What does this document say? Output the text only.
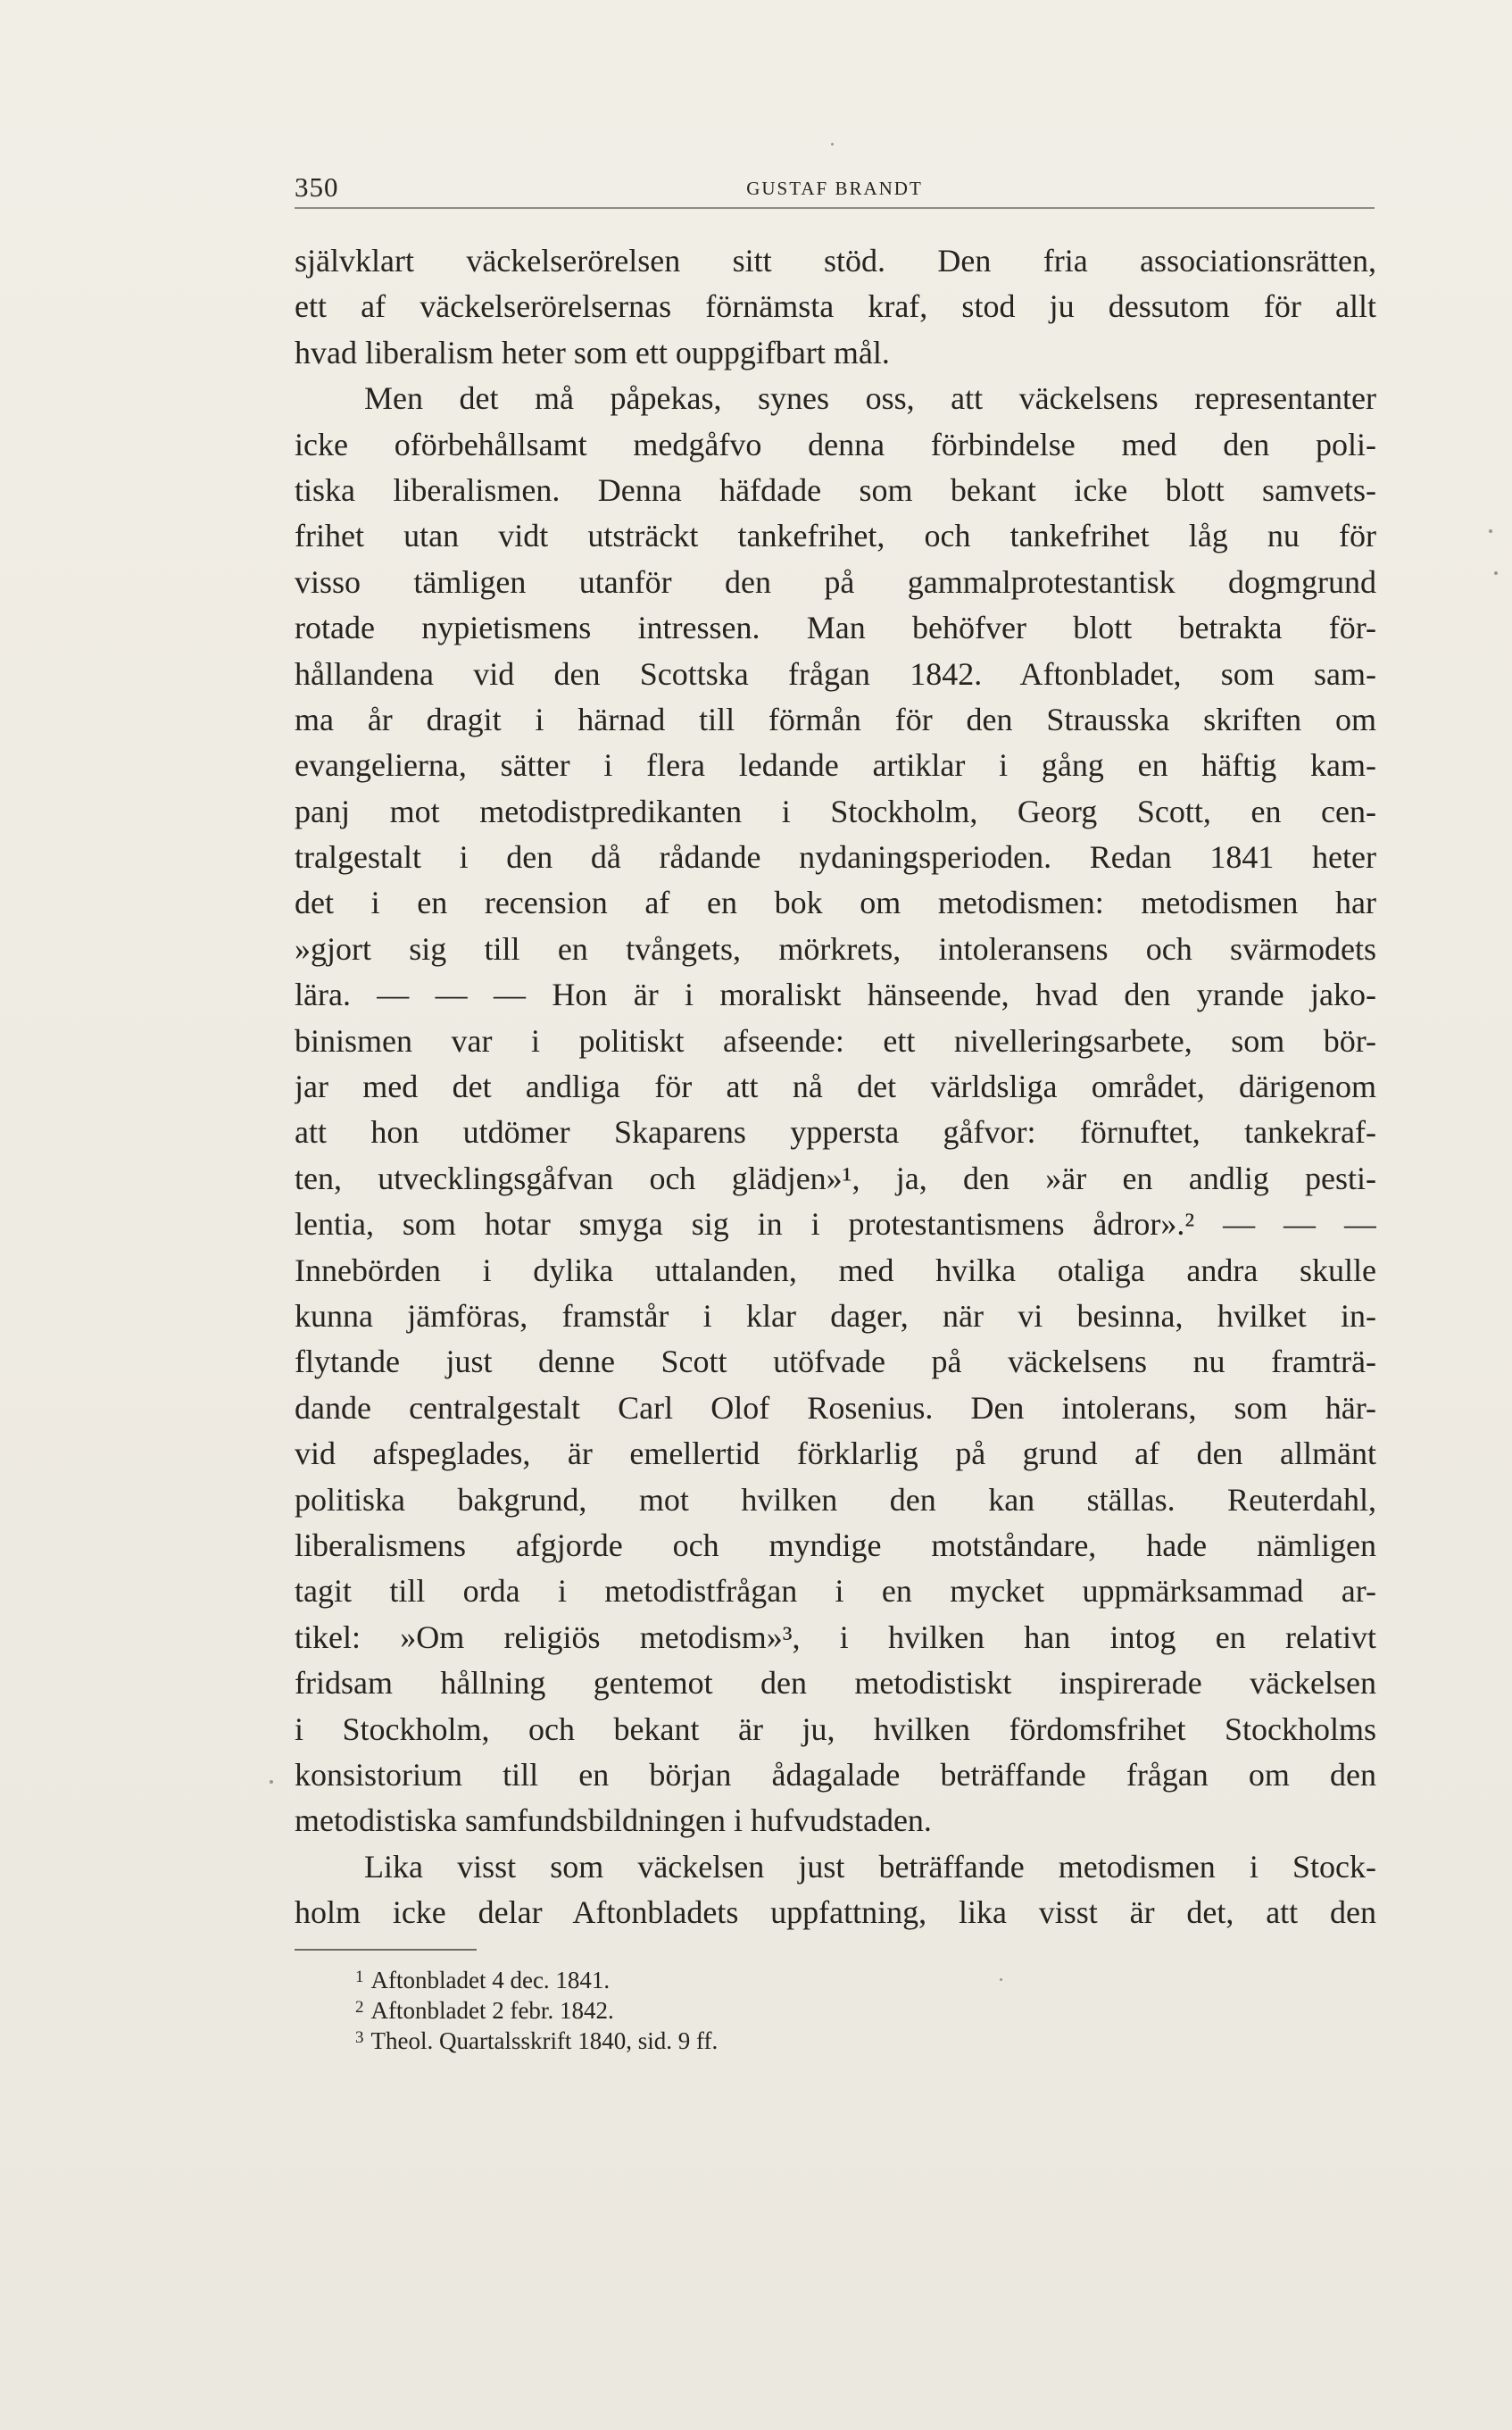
350	GUSTAF BRANDT
självklart väckelserörelsen sitt stöd. Den fria associationsrätten,
ett af väckelserörelsernas förnämsta kraf, stod ju dessutom för allt
hvad liberalism heter som ett ouppgifbart mål.
Men det må påpekas, synes oss, att väckelsens representanter
icke oförbehållsamt medgåfvo denna förbindelse med den poli-
tiska liberalismen. Denna häfdade som bekant icke blott samvets-
frihet utan vidt utsträckt tankefrihet, och tankefrihet låg nu för
visso tämligen utanför den på gammalprotestantisk dogmgrund
rotade nypietismens intressen. Man behöfver blott betrakta för-
hållandena vid den Scottska frågan 1842. Aftonbladet, som sam-
ma år dragit i härnad till förmån för den Strausska skriften om
evangelierna, sätter i flera ledande artiklar i gång en häftig kam-
panj mot metodistpredikanten i Stockholm, Georg Scott, en cen-
tralgestalt i den då rådande nydaningsperioden. Redan 1841 heter
det i en recension af en bok om metodismen: metodismen har
»gjort sig till en tvångets, mörkrets, intoleransens och svärmodets
lära. — — — Hon är i moraliskt hänseende, hvad den yrande jako-
binismen var i politiskt afseende: ett nivelleringsarbete, som bör-
jar med det andliga för att nå det världsliga området, därigenom
att hon utdömer Skaparens yppersta gåfvor: förnuftet, tankekraf-
ten, utvecklingsgåfvan och glädjen»¹, ja, den »är en andlig pesti-
lentia, som hotar smyga sig in i protestantismens ådror».² — — —
Innebörden i dylika uttalanden, med hvilka otaliga andra skulle
kunna jämföras, framstår i klar dager, när vi besinna, hvilket in-
flytande just denne Scott utöfvade på väckelsens nu framträ-
dande centralgestalt Carl Olof Rosenius. Den intolerans, som här-
vid afspeglades, är emellertid förklarlig på grund af den allmänt
politiska bakgrund, mot hvilken den kan ställas. Reuterdahl,
liberalismens afgjorde och myndige motståndare, hade nämligen
tagit till orda i metodistfrågan i en mycket uppmärksammad ar-
tikel: »Om religiös metodism»³, i hvilken han intog en relativt
fridsam hållning gentemot den metodistiskt inspirerade väckelsen
i Stockholm, och bekant är ju, hvilken fördomsfrihet Stockholms
konsistorium till en början ådagalade beträffande frågan om den
metodistiska samfundsbildningen i hufvudstaden.
Lika visst som väckelsen just beträffande metodismen i Stock-
holm icke delar Aftonbladets uppfattning, lika visst är det, att den
$^1$ Aftonbladet 4 dec. 1841.
$^2$ Aftonbladet 2 febr. 1842.
$^3$ Theol. Quartalsskrift 1840, sid. 9 ff.
